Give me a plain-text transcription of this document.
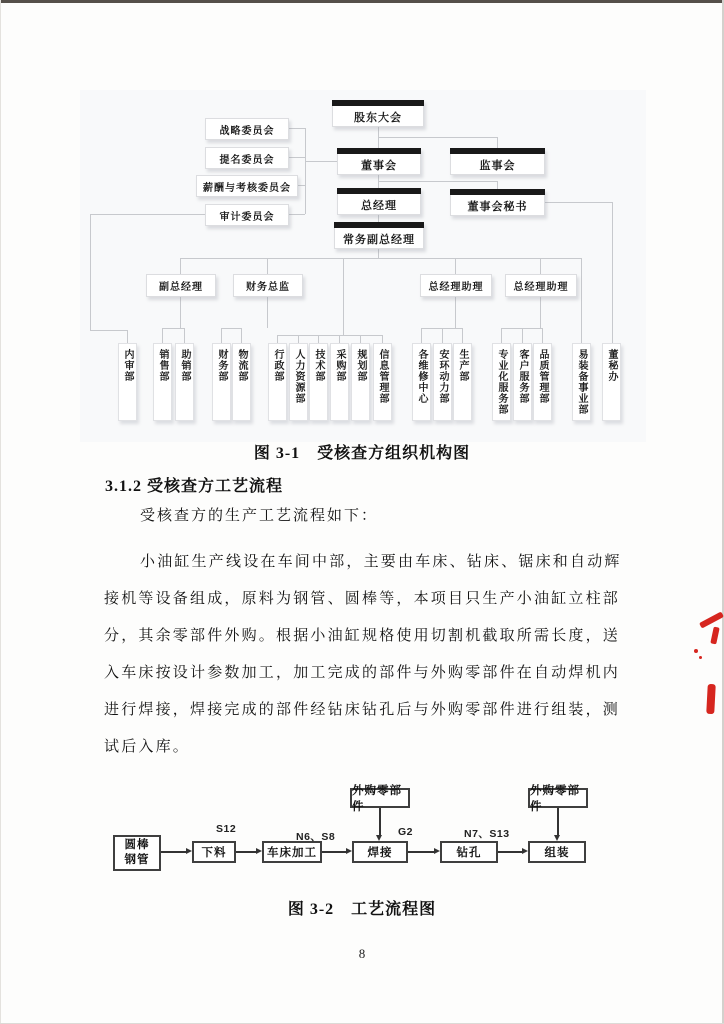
股东大会
董事会	监事会
总经理	董事会秘书
常务副总经理
战略委员会
提名委员会
薪酬与考核委员会
审计委员会
副总经理	财务总监	总经理助理	总经理助理
内审部	销售部	助销部	财务部 物流部	行政部	人力资源部 技术部	采购部	规划部	信息管理部	各维修中心	安环动力部 生产部	专业化服务部	客户服务部 品质管理部	易装备事业部	董秘办
图 3-1　受核查方组织机构图
3.1.2 受核查方工艺流程
受核查方的生产工艺流程如下：
小油缸生产线设在车间中部，主要由车床、钻床、锯床和自动辉
接机等设备组成，原料为钢管、圆棒等，本项目只生产小油缸立柱部
分，其余零部件外购。根据小油缸规格使用切割机截取所需长度，送
入车床按设计参数加工，加工完成的部件与外购零部件在自动焊机内
进行焊接，焊接完成的部件经钻床钻孔后与外购零部件进行组装，测
试后入库。
圆棒
钢管
下料	车床加工	焊接	钻孔	组装
外购零部件
外购零部件
S12
N6、S8	G2	N7、S13
图 3-2　工艺流程图
8
